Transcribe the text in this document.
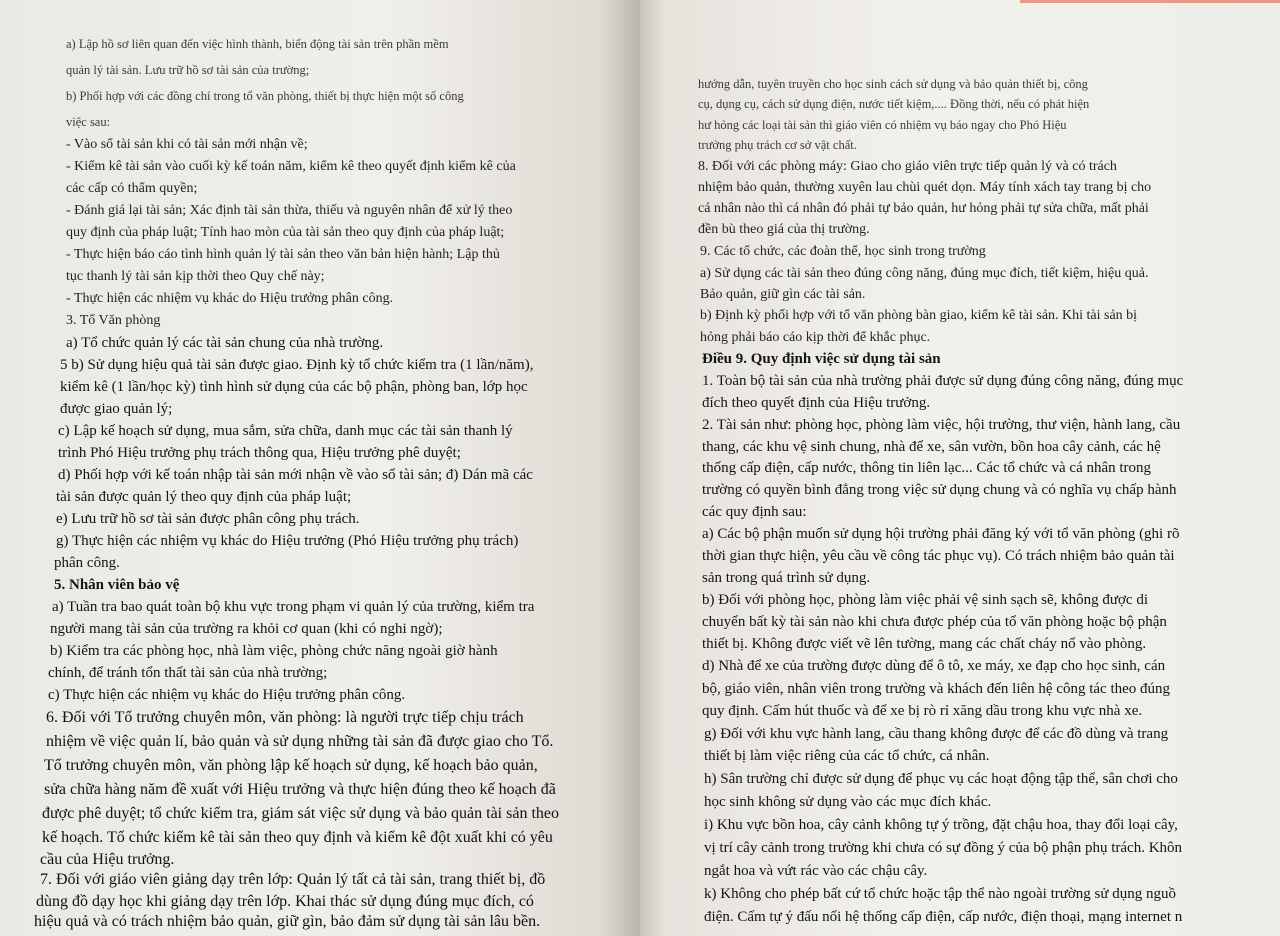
a) Lập hồ sơ liên quan đến việc hình thành, biến động tài sản trên phần mềm
quản lý tài sản. Lưu trữ hồ sơ tài sản của trường;
b) Phối hợp với các đồng chí trong tổ văn phòng, thiết bị thực hiện một số công
việc sau:
- Vào sổ tài sản khi có tài sản mới nhận về;
- Kiểm kê tài sản vào cuối kỳ kế toán năm, kiểm kê theo quyết định kiểm kê của
các cấp có thẩm quyền;
- Đánh giá lại tài sản; Xác định tài sản thừa, thiếu và nguyên nhân để xử lý theo
quy định của pháp luật; Tính hao mòn của tài sản theo quy định của pháp luật;
- Thực hiện báo cáo tình hình quản lý tài sản theo văn bản hiện hành; Lập thủ
tục thanh lý tài sản kịp thời theo Quy chế này;
- Thực hiện các nhiệm vụ khác do Hiệu trưởng phân công.
3. Tổ Văn phòng
a) Tổ chức quản lý các tài sản chung của nhà trường.
5 b) Sử dụng hiệu quả tài sản được giao. Định kỳ tổ chức kiểm tra (1 lần/năm),
kiểm kê (1 lần/học kỳ) tình hình sử dụng của các bộ phận, phòng ban, lớp học
được giao quản lý;
c) Lập kế hoạch sử dụng, mua sắm, sửa chữa, danh mục các tài sản thanh lý
trình Phó Hiệu trưởng phụ trách thông qua, Hiệu trưởng phê duyệt;
d) Phối hợp với kế toán nhập tài sản mới nhận về vào sổ tài sản; đ) Dán mã các
tài sản được quản lý theo quy định của pháp luật;
e) Lưu trữ hồ sơ tài sản được phân công phụ trách.
g) Thực hiện các nhiệm vụ khác do Hiệu trưởng (Phó Hiệu trưởng phụ trách)
phân công.
5. Nhân viên bảo vệ
a) Tuần tra bao quát toàn bộ khu vực trong phạm vi quản lý của trường, kiểm tra
người mang tài sản của trường ra khỏi cơ quan (khi có nghi ngờ);
b) Kiểm tra các phòng học, nhà làm việc, phòng chức năng ngoài giờ hành
chính, để tránh tổn thất tài sản của nhà trường;
c) Thực hiện các nhiệm vụ khác do Hiệu trưởng phân công.
6. Đối với Tổ trưởng chuyên môn, văn phòng: là người trực tiếp chịu trách
nhiệm về việc quản lí, bảo quản và sử dụng những tài sản đã được giao cho Tổ.
Tổ trưởng chuyên môn, văn phòng lập kế hoạch sử dụng, kế hoạch bảo quản,
sửa chữa hàng năm đề xuất với Hiệu trưởng và thực hiện đúng theo kế hoạch đã
được phê duyệt; tổ chức kiểm tra, giám sát việc sử dụng và bảo quản tài sản theo
kế hoạch. Tổ chức kiểm kê tài sản theo quy định và kiểm kê đột xuất khi có yêu
cầu của Hiệu trưởng.
7. Đối với giáo viên giảng dạy trên lớp: Quản lý tất cả tài sản, trang thiết bị, đồ
dùng đồ dạy học khi giảng dạy trên lớp. Khai thác sử dụng đúng mục đích, có
hiệu quả và có trách nhiệm bảo quản, giữ gìn, bảo đảm sử dụng tài sản lâu bền.
hướng dẫn, tuyên truyền cho học sinh cách sử dụng và bảo quản thiết bị, công
cụ, dụng cụ, cách sử dụng điện, nước tiết kiệm,.... Đồng thời, nếu có phát hiện
hư hỏng các loại tài sản thì giáo viên có nhiệm vụ báo ngay cho Phó Hiệu
trưởng phụ trách cơ sở vật chất.
8. Đối với các phòng máy: Giao cho giáo viên trực tiếp quản lý và có trách
nhiệm bảo quản, thường xuyên lau chùi quét dọn. Máy tính xách tay trang bị cho
cá nhân nào thì cá nhân đó phải tự bảo quản, hư hỏng phải tự sửa chữa, mất phải
đền bù theo giá của thị trường.
9. Các tổ chức, các đoàn thể, học sinh trong trường
a) Sử dụng các tài sản theo đúng công năng, đúng mục đích, tiết kiệm, hiệu quả.
Bảo quản, giữ gìn các tài sản.
b) Định kỳ phối hợp với tổ văn phòng bàn giao, kiểm kê tài sản. Khi tài sản bị
hỏng phải báo cáo kịp thời để khắc phục.
Điều 9. Quy định việc sử dụng tài sản
1. Toàn bộ tài sản của nhà trường phải được sử dụng đúng công năng, đúng mục
đích theo quyết định của Hiệu trưởng.
2. Tài sản như: phòng học, phòng làm việc, hội trường, thư viện, hành lang, cầu
thang, các khu vệ sinh chung, nhà để xe, sân vườn, bồn hoa cây cảnh, các hệ
thống cấp điện, cấp nước, thông tin liên lạc... Các tổ chức và cá nhân trong
trường có quyền bình đẳng trong việc sử dụng chung và có nghĩa vụ chấp hành
các quy định sau:
a) Các bộ phận muốn sử dụng hội trường phải đăng ký với tổ văn phòng (ghi rõ
thời gian thực hiện, yêu cầu về công tác phục vụ). Có trách nhiệm bảo quản tài
sản trong quá trình sử dụng.
b) Đối với phòng học, phòng làm việc phải vệ sinh sạch sẽ, không được di
chuyển bất kỳ tài sản nào khi chưa được phép của tổ văn phòng hoặc bộ phận
thiết bị. Không được viết vẽ lên tường, mang các chất cháy nổ vào phòng.
d) Nhà để xe của trường được dùng để ô tô, xe máy, xe đạp cho học sinh, cán
bộ, giáo viên, nhân viên trong trường và khách đến liên hệ công tác theo đúng
quy định. Cấm hút thuốc và để xe bị rò rỉ xăng dầu trong khu vực nhà xe.
g) Đối với khu vực hành lang, cầu thang không được để các đồ dùng và trang
thiết bị làm việc riêng của các tổ chức, cá nhân.
h) Sân trường chỉ được sử dụng để phục vụ các hoạt động tập thể, sân chơi cho
học sinh không sử dụng vào các mục đích khác.
i) Khu vực bồn hoa, cây cảnh không tự ý trồng, đặt chậu hoa, thay đổi loại cây,
vị trí cây cảnh trong trường khi chưa có sự đồng ý của bộ phận phụ trách. Khôn
ngắt hoa và vứt rác vào các chậu cây.
k) Không cho phép bất cứ tổ chức hoặc tập thể nào ngoài trường sử dụng nguồ
điện. Cấm tự ý đấu nối hệ thống cấp điện, cấp nước, điện thoại, mạng internet n
